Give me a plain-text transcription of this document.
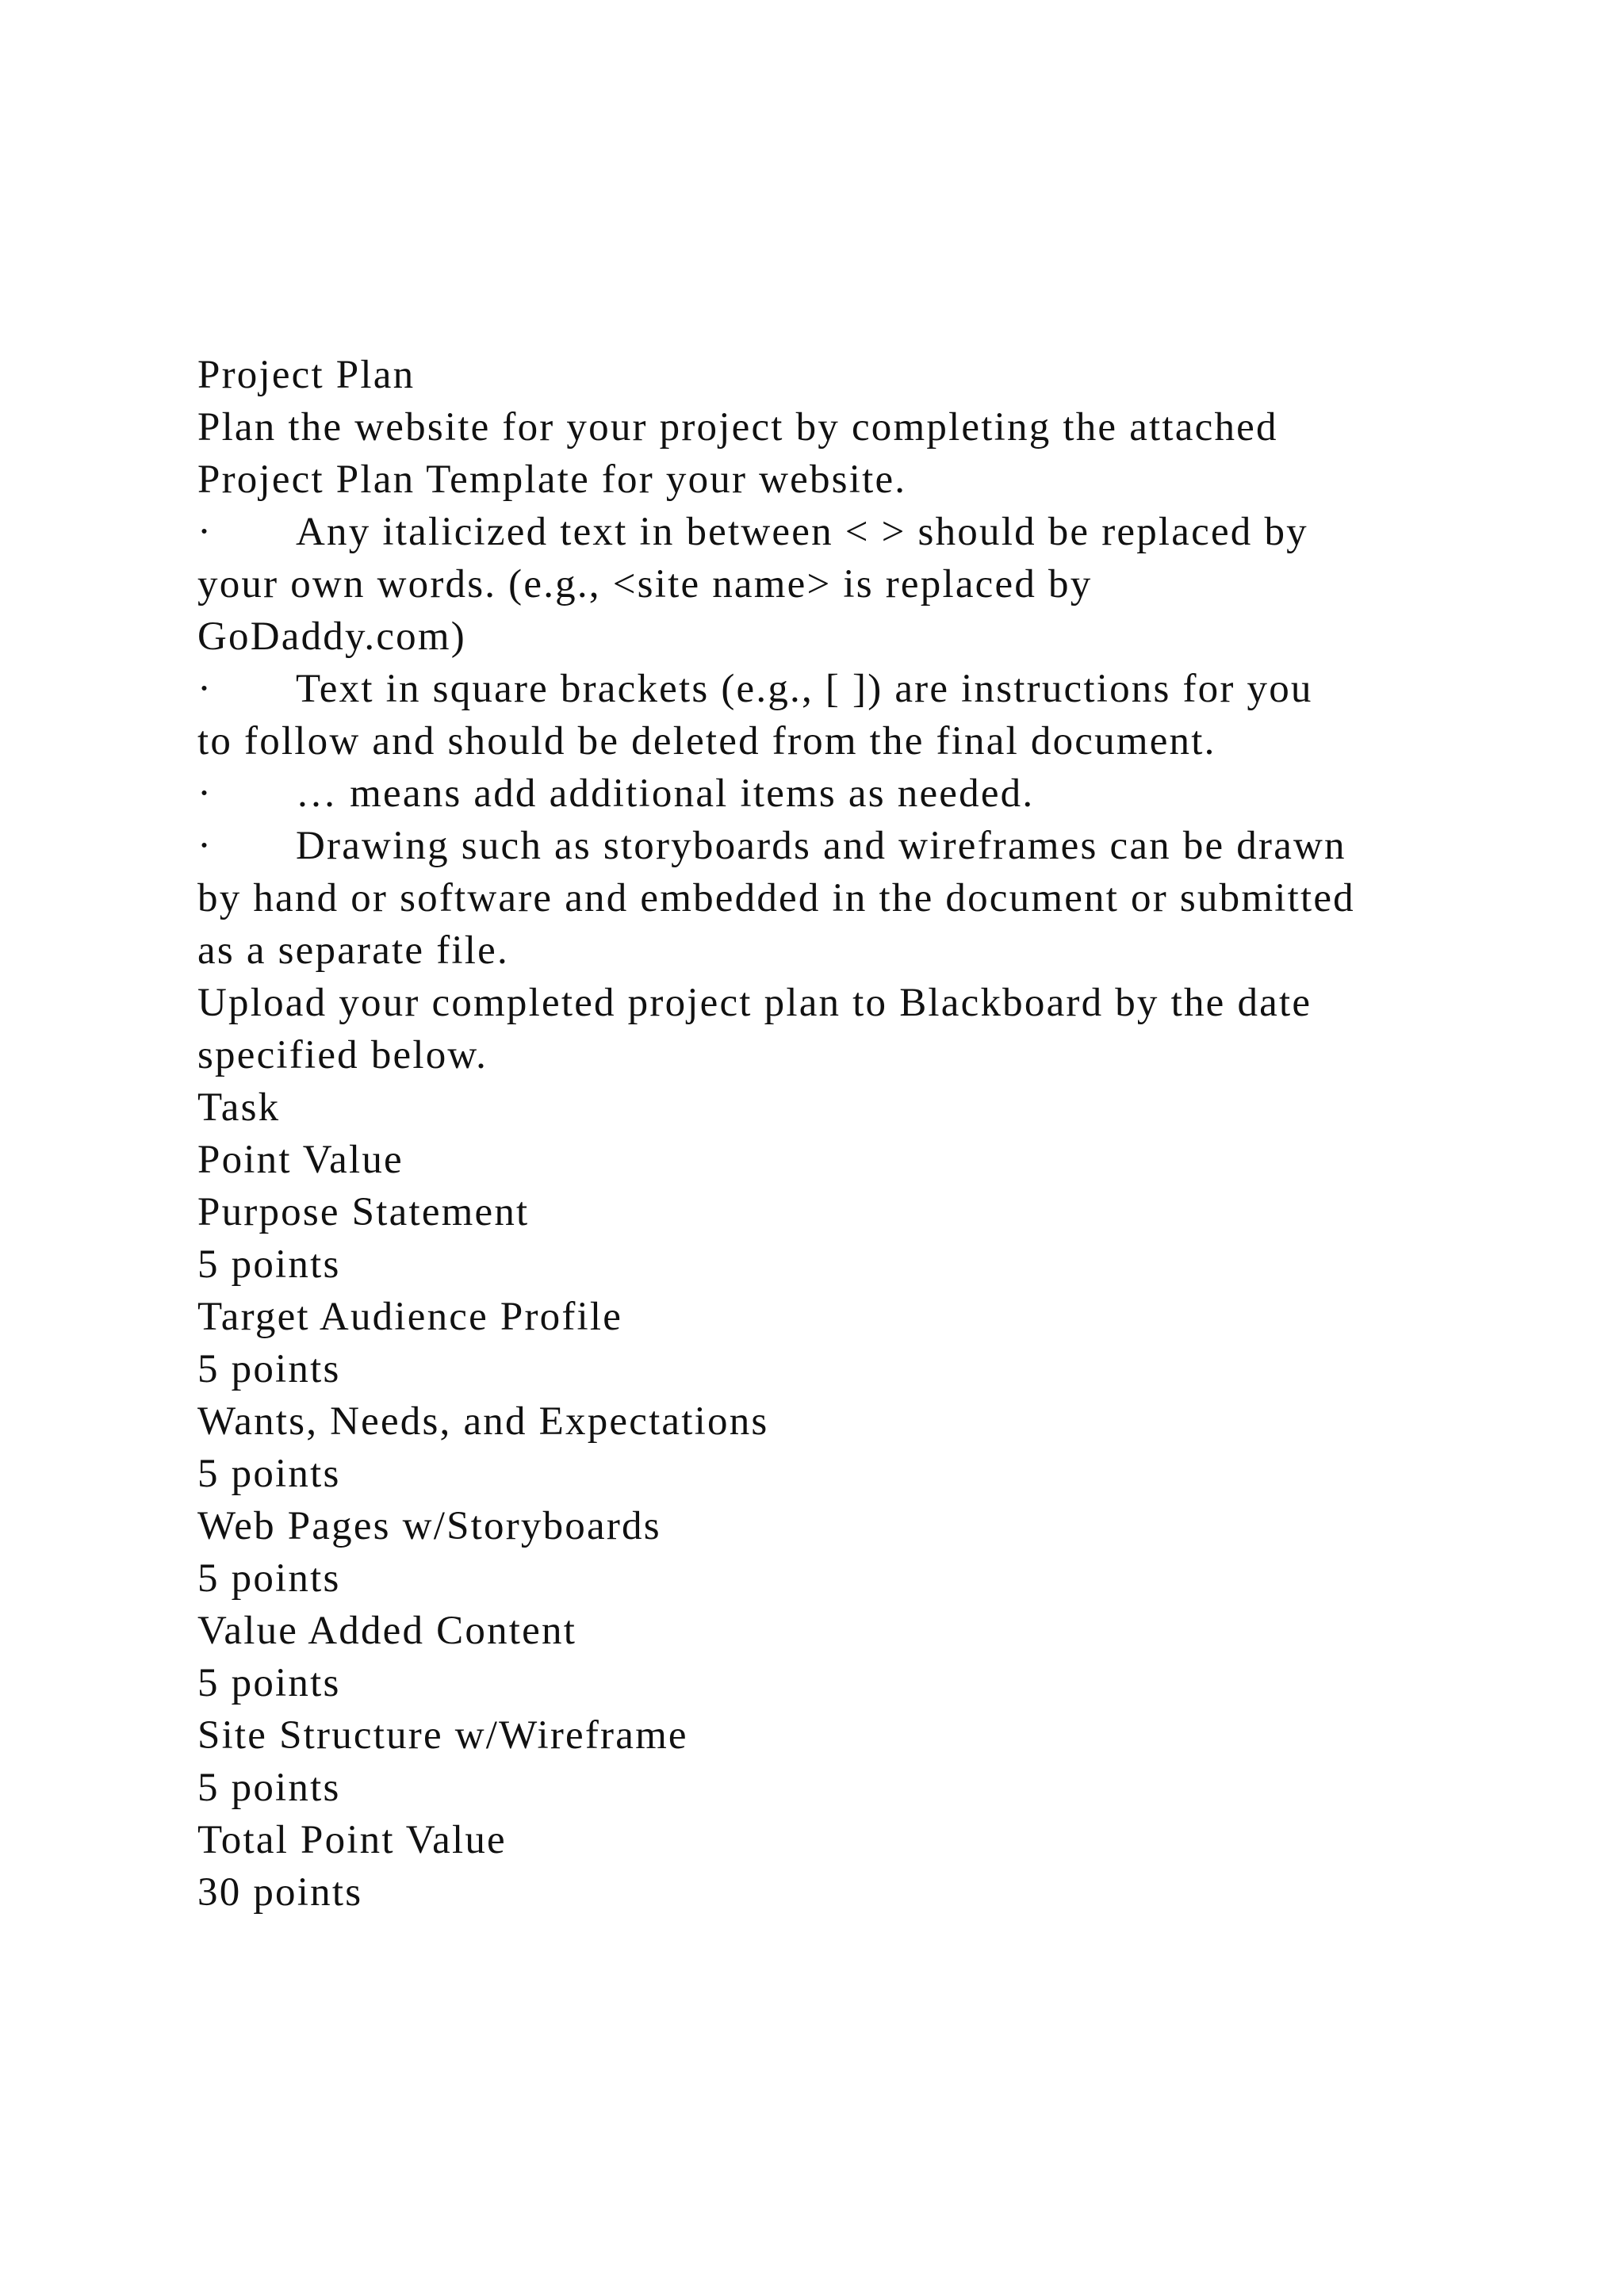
Project Plan
Plan the website for your project by completing the attached
Project Plan Template for your website.
· Any italicized text in between < > should be replaced by
your own words. (e.g., <site name> is replaced by
GoDaddy.com)
· Text in square brackets (e.g., [ ]) are instructions for you
to follow and should be deleted from the final document.
· … means add additional items as needed.
· Drawing such as storyboards and wireframes can be drawn
by hand or software and embedded in the document or submitted
as a separate file.
Upload your completed project plan to Blackboard by the date
specified below.
Task
Point Value
Purpose Statement
5 points
Target Audience Profile
5 points
Wants, Needs, and Expectations
5 points
Web Pages w/Storyboards
5 points
Value Added Content
5 points
Site Structure w/Wireframe
5 points
Total Point Value
30 points
